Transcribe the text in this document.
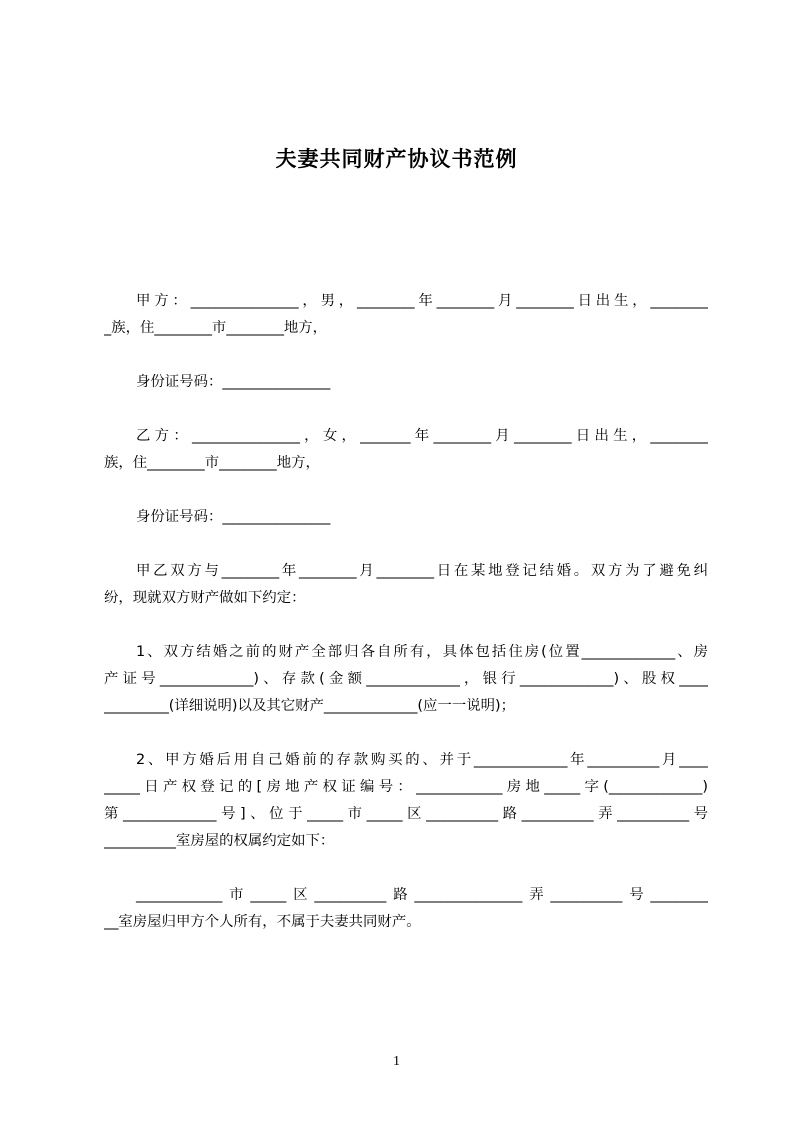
夫妻共同财产协议书范例
甲方：_______________，男，________年________月________日出生，________
_族，住________市________地方，
身份证号码：_______________
乙方：_______________，女，_______年________月________日出生，________
族，住________市________地方，
身份证号码：_______________
甲乙双方与________年________月________日在某地登记结婚。双方为了避免纠
纷，现就双方财产做如下约定：
1、双方结婚之前的财产全部归各自所有，具体包括住房(位置_____________、房
产证号_____________)、存款(金额_____________，银行_____________)、股权____
_________(详细说明)以及其它财产_____________(应一一说明)；
2、甲方婚后用自己婚前的存款购买的、并于_____________年__________月____
_____日产权登记的[房地产权证编号：____________房地_____字(_____________)
第_____________号]、位于_____市_____区__________路__________弄__________号
__________室房屋的权属约定如下：
____________市_____区__________路_______________弄__________号________
__室房屋归甲方个人所有，不属于夫妻共同财产。
1
